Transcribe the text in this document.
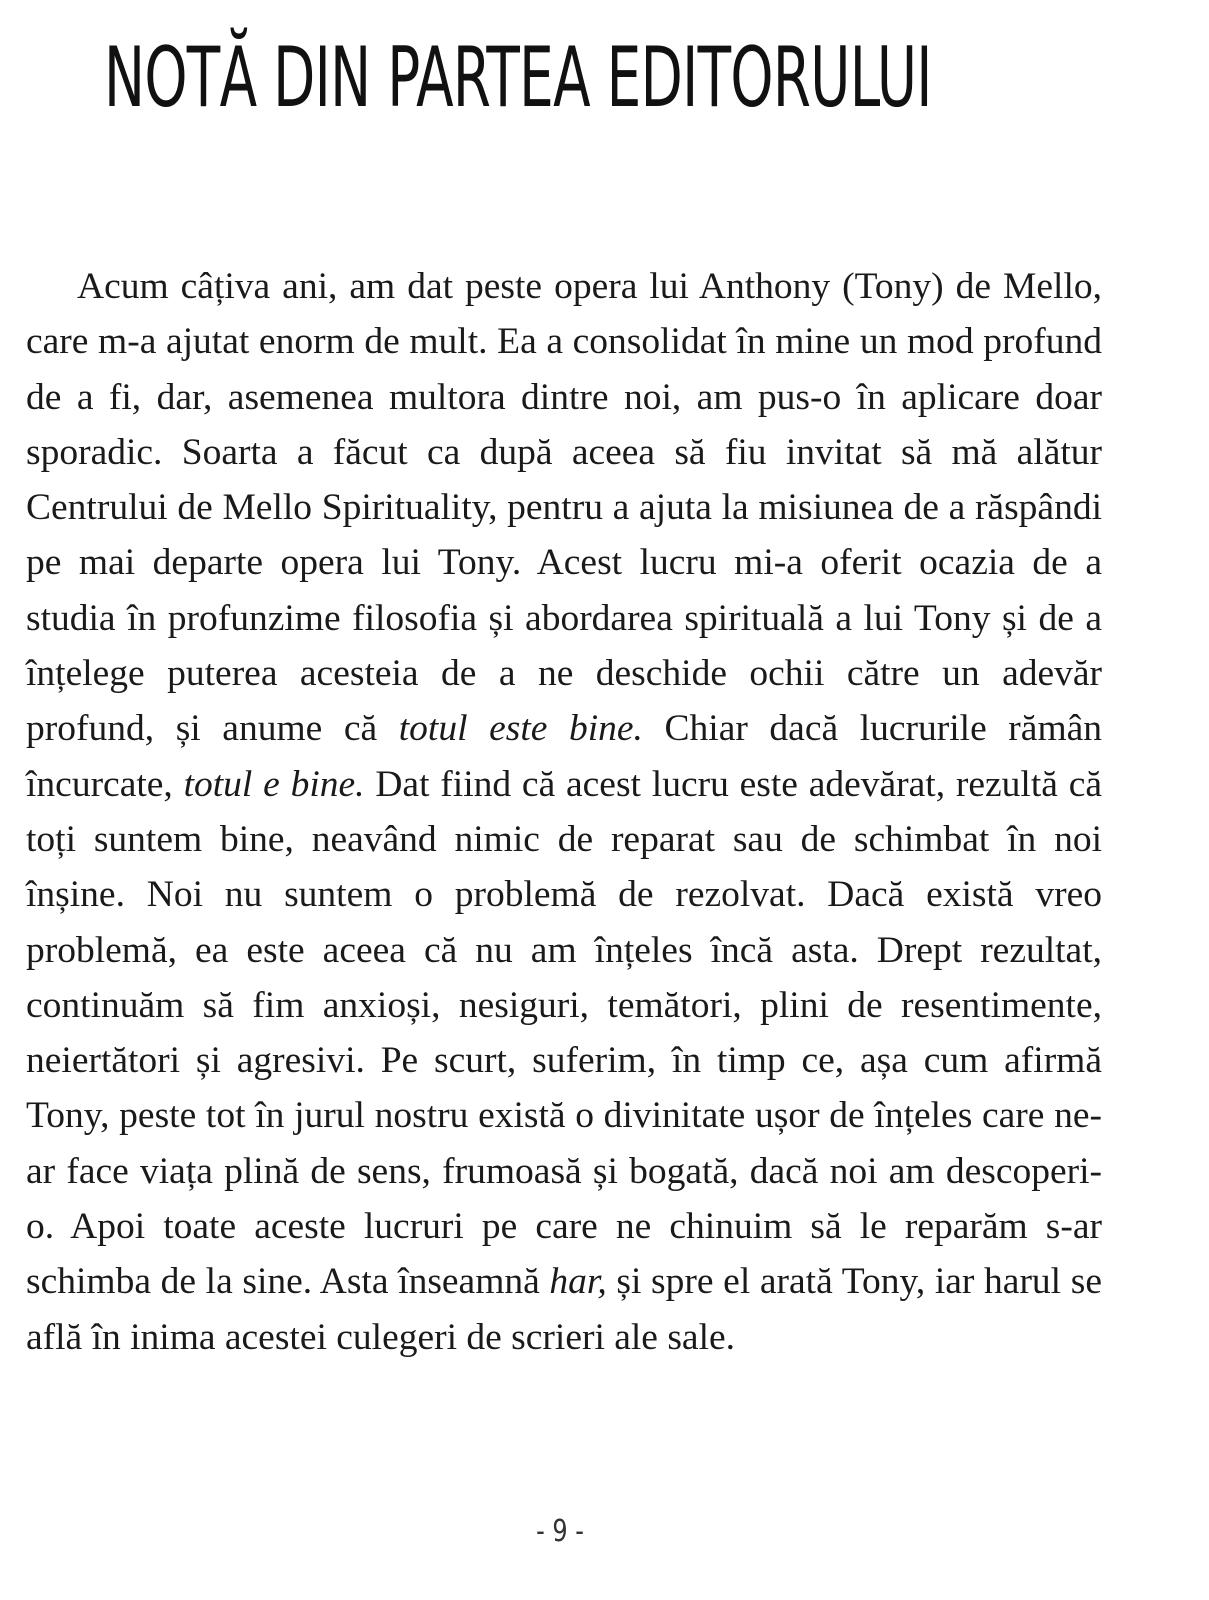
NOTĂ DIN PARTEA EDITORULUI

Acum câțiva ani, am dat peste opera lui Anthony (Tony) de Mello, care m-a ajutat enorm de mult. Ea a consolidat în mine un mod profund de a fi, dar, asemenea multora dintre noi, am pus-o în aplicare doar sporadic. Soarta a făcut ca după aceea să fiu invitat să mă alătur Centrului de Mello Spirituality, pentru a ajuta la misiunea de a răspândi pe mai departe opera lui Tony. Acest lucru mi-a oferit ocazia de a studia în profunzime filosofia și abordarea spirituală a lui Tony și de a înțelege puterea acesteia de a ne deschide ochii către un adevăr profund, și anume că totul este bine. Chiar dacă lucrurile rămân încurcate, totul e bine. Dat fiind că acest lucru este adevărat, rezultă că toți suntem bine, neavând nimic de reparat sau de schimbat în noi înșine. Noi nu suntem o problemă de rezolvat. Dacă există vreo problemă, ea este aceea că nu am înțeles încă asta. Drept rezultat, continuăm să fim anxioși, nesiguri, temători, plini de resentimente, neiertători și agresivi. Pe scurt, suferim, în timp ce, așa cum afirmă Tony, peste tot în jurul nostru există o divinitate ușor de înțeles care ne-ar face viața plină de sens, frumoasă și bogată, dacă noi am descoperi-o. Apoi toate aceste lucruri pe care ne chinuim să le reparăm s-ar schimba de la sine. Asta înseamnă har, și spre el arată Tony, iar harul se află în inima acestei culegeri de scrieri ale sale.

- 9 -
